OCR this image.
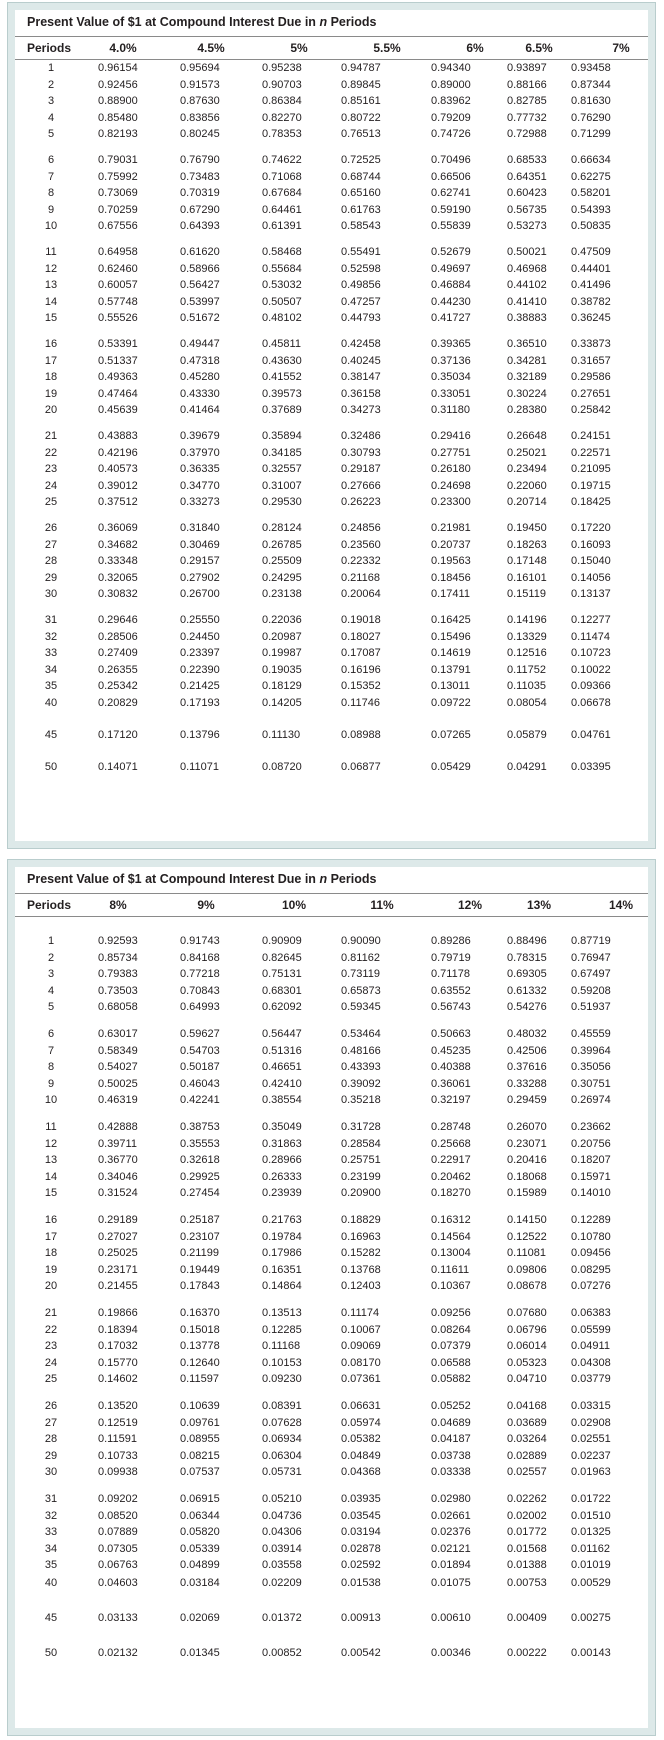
Present Value of $1 at Compound Interest Due in n Periods
Periods	4.0%	4.5%	5%	5.5%	6%	6.5%	7%
1	0.96154	0.95694	0.95238	0.94787	0.94340	0.93897 0.93458
2	0.92456	0.91573	0.90703	0.89845	0.89000	0.88166 0.87344
3	0.88900	0.87630	0.86384	0.85161	0.83962	0.82785 0.81630
4	0.85480	0.83856	0.82270	0.80722	0.79209	0.77732 0.76290
5	0.82193	0.80245	0.78353	0.76513	0.74726	0.72988 0.71299
6	0.79031	0.76790	0.74622	0.72525	0.70496	0.68533 0.66634
7	0.75992	0.73483	0.71068	0.68744	0.66506	0.64351 0.62275
8	0.73069	0.70319	0.67684	0.65160	0.62741	0.60423 0.58201
9	0.70259	0.67290	0.64461	0.61763	0.59190	0.56735 0.54393
10	0.67556	0.64393	0.61391	0.58543	0.55839	0.53273 0.50835
11	0.64958	0.61620	0.58468	0.55491	0.52679	0.50021 0.47509
12	0.62460	0.58966	0.55684	0.52598	0.49697	0.46968 0.44401
13	0.60057	0.56427	0.53032	0.49856	0.46884	0.44102 0.41496
14	0.57748	0.53997	0.50507	0.47257	0.44230	0.41410 0.38782
15	0.55526	0.51672	0.48102	0.44793	0.41727	0.38883 0.36245
16	0.53391	0.49447	0.45811	0.42458	0.39365	0.36510 0.33873
17	0.51337	0.47318	0.43630	0.40245	0.37136	0.34281 0.31657
18	0.49363	0.45280	0.41552	0.38147	0.35034	0.32189 0.29586
19	0.47464	0.43330	0.39573	0.36158	0.33051	0.30224 0.27651
20	0.45639	0.41464	0.37689	0.34273	0.31180	0.28380 0.25842
21	0.43883	0.39679	0.35894	0.32486	0.29416	0.26648 0.24151
22	0.42196	0.37970	0.34185	0.30793	0.27751	0.25021 0.22571
23	0.40573	0.36335	0.32557	0.29187	0.26180	0.23494 0.21095
24	0.39012	0.34770	0.31007	0.27666	0.24698	0.22060 0.19715
25	0.37512	0.33273	0.29530	0.26223	0.23300	0.20714 0.18425
26	0.36069	0.31840	0.28124	0.24856	0.21981	0.19450 0.17220
27	0.34682	0.30469	0.26785	0.23560	0.20737	0.18263 0.16093
28	0.33348	0.29157	0.25509	0.22332	0.19563	0.17148 0.15040
29	0.32065	0.27902	0.24295	0.21168	0.18456	0.16101 0.14056
30	0.30832	0.26700	0.23138	0.20064	0.17411	0.15119 0.13137
31	0.29646	0.25550	0.22036	0.19018	0.16425	0.14196 0.12277
32	0.28506	0.24450	0.20987	0.18027	0.15496	0.13329 0.11474
33	0.27409	0.23397	0.19987	0.17087	0.14619	0.12516 0.10723
34	0.26355	0.22390	0.19035	0.16196	0.13791	0.11752 0.10022
35	0.25342	0.21425	0.18129	0.15352	0.13011	0.11035 0.09366
40	0.20829	0.17193	0.14205	0.11746	0.09722	0.08054 0.06678
45	0.17120	0.13796	0.11130	0.08988	0.07265	0.05879 0.04761
50	0.14071	0.11071	0.08720	0.06877	0.05429	0.04291 0.03395
Present Value of $1 at Compound Interest Due in n Periods
Periods	8%	9%	10%	11%	12%	13%	14%
1	0.92593	0.91743	0.90909	0.90090	0.89286	0.88496 0.87719
2	0.85734	0.84168	0.82645	0.81162	0.79719	0.78315 0.76947
3	0.79383	0.77218	0.75131	0.73119	0.71178	0.69305 0.67497
4	0.73503	0.70843	0.68301	0.65873	0.63552	0.61332 0.59208
5	0.68058	0.64993	0.62092	0.59345	0.56743	0.54276 0.51937
6	0.63017	0.59627	0.56447	0.53464	0.50663	0.48032 0.45559
7	0.58349	0.54703	0.51316	0.48166	0.45235	0.42506 0.39964
8	0.54027	0.50187	0.46651	0.43393	0.40388	0.37616 0.35056
9	0.50025	0.46043	0.42410	0.39092	0.36061	0.33288 0.30751
10	0.46319	0.42241	0.38554	0.35218	0.32197	0.29459 0.26974
11	0.42888	0.38753	0.35049	0.31728	0.28748	0.26070 0.23662
12	0.39711	0.35553	0.31863	0.28584	0.25668	0.23071 0.20756
13	0.36770	0.32618	0.28966	0.25751	0.22917	0.20416 0.18207
14	0.34046	0.29925	0.26333	0.23199	0.20462	0.18068 0.15971
15	0.31524	0.27454	0.23939	0.20900	0.18270	0.15989 0.14010
16	0.29189	0.25187	0.21763	0.18829	0.16312	0.14150 0.12289
17	0.27027	0.23107	0.19784	0.16963	0.14564	0.12522 0.10780
18	0.25025	0.21199	0.17986	0.15282	0.13004	0.11081 0.09456
19	0.23171	0.19449	0.16351	0.13768	0.11611	0.09806 0.08295
20	0.21455	0.17843	0.14864	0.12403	0.10367	0.08678 0.07276
21	0.19866	0.16370	0.13513	0.11174	0.09256	0.07680 0.06383
22	0.18394	0.15018	0.12285	0.10067	0.08264	0.06796 0.05599
23	0.17032	0.13778	0.11168	0.09069	0.07379	0.06014 0.04911
24	0.15770	0.12640	0.10153	0.08170	0.06588	0.05323 0.04308
25	0.14602	0.11597	0.09230	0.07361	0.05882	0.04710 0.03779
26	0.13520	0.10639	0.08391	0.06631	0.05252	0.04168 0.03315
27	0.12519	0.09761	0.07628	0.05974	0.04689	0.03689 0.02908
28	0.11591	0.08955	0.06934	0.05382	0.04187	0.03264 0.02551
29	0.10733	0.08215	0.06304	0.04849	0.03738	0.02889 0.02237
30	0.09938	0.07537	0.05731	0.04368	0.03338	0.02557 0.01963
31	0.09202	0.06915	0.05210	0.03935	0.02980	0.02262 0.01722
32	0.08520	0.06344	0.04736	0.03545	0.02661	0.02002 0.01510
33	0.07889	0.05820	0.04306	0.03194	0.02376	0.01772 0.01325
34	0.07305	0.05339	0.03914	0.02878	0.02121	0.01568 0.01162
35	0.06763	0.04899	0.03558	0.02592	0.01894	0.01388 0.01019
40	0.04603	0.03184	0.02209	0.01538	0.01075	0.00753 0.00529
45	0.03133	0.02069	0.01372	0.00913	0.00610	0.00409 0.00275
50	0.02132	0.01345	0.00852	0.00542	0.00346	0.00222 0.00143
